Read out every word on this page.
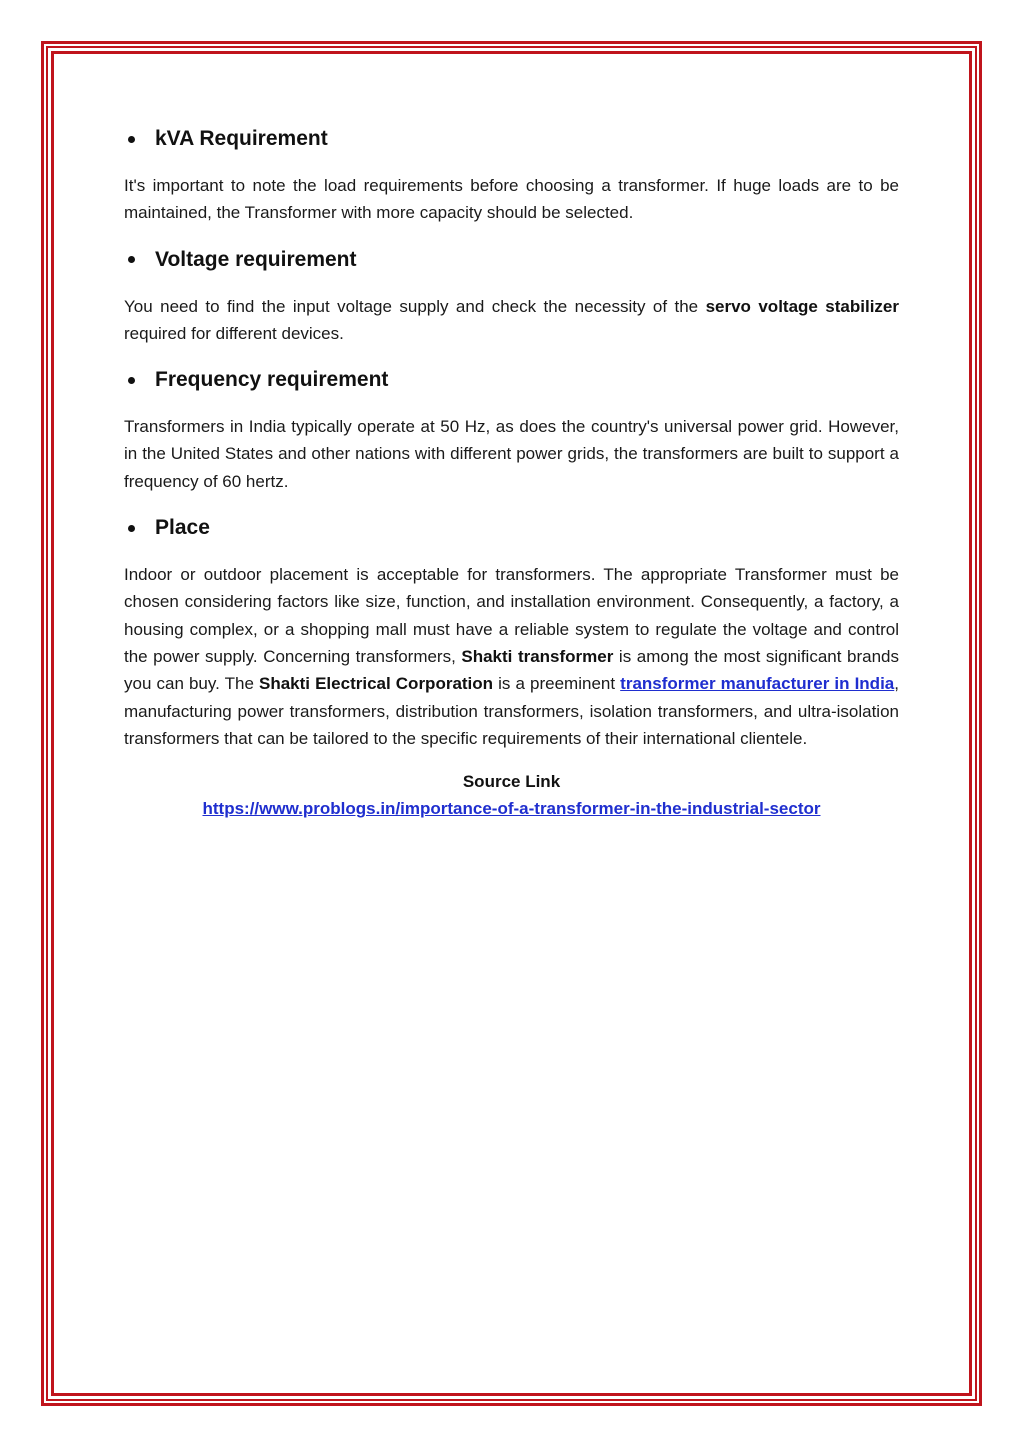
kVA Requirement

It's important to note the load requirements before choosing a transformer. If huge loads are to be maintained, the Transformer with more capacity should be selected.

Voltage requirement

You need to find the input voltage supply and check the necessity of the servo voltage stabilizer required for different devices.

Frequency requirement

Transformers in India typically operate at 50 Hz, as does the country's universal power grid. However, in the United States and other nations with different power grids, the transformers are built to support a frequency of 60 hertz.

Place

Indoor or outdoor placement is acceptable for transformers. The appropriate Transformer must be chosen considering factors like size, function, and installation environment. Consequently, a factory, a housing complex, or a shopping mall must have a reliable system to regulate the voltage and control the power supply. Concerning transformers, Shakti transformer is among the most significant brands you can buy. The Shakti Electrical Corporation is a preeminent transformer manufacturer in India, manufacturing power transformers, distribution transformers, isolation transformers, and ultra-isolation transformers that can be tailored to the specific requirements of their international clientele.

Source Link
https://www.problogs.in/importance-of-a-transformer-in-the-industrial-sector
